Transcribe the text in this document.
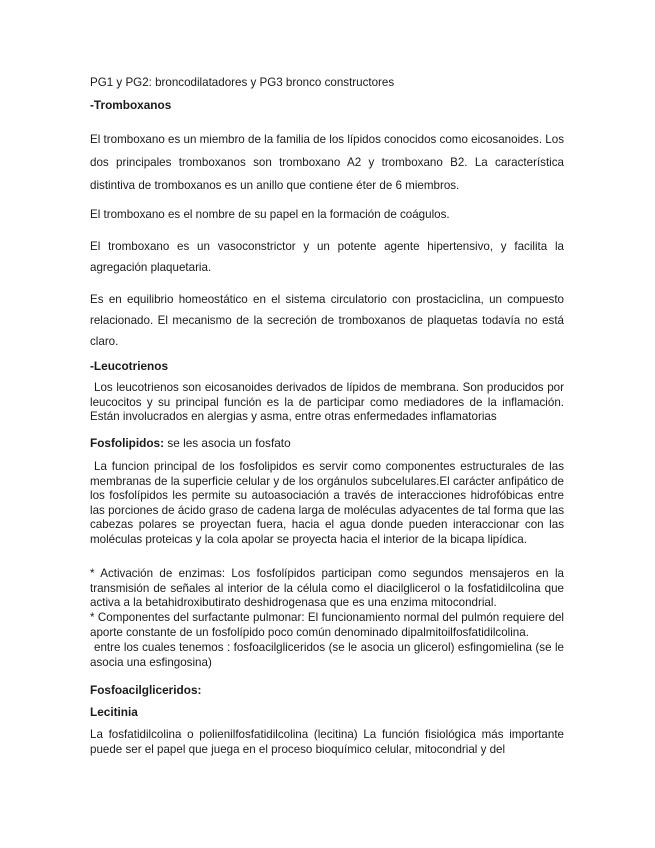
PG1 y PG2: broncodilatadores y PG3 bronco constructores

-Tromboxanos

El tromboxano es un miembro de la familia de los lípidos conocidos como eicosanoides. Los dos principales tromboxanos son tromboxano A2 y tromboxano B2. La característica distintiva de tromboxanos es un anillo que contiene éter de 6 miembros.

El tromboxano es el nombre de su papel en la formación de coágulos.

El tromboxano es un vasoconstrictor y un potente agente hipertensivo, y facilita la agregación plaquetaria.

Es en equilibrio homeostático en el sistema circulatorio con prostaciclina, un compuesto relacionado. El mecanismo de la secreción de tromboxanos de plaquetas todavía no está claro.

-Leucotrienos

Los leucotrienos son eicosanoides derivados de lípidos de membrana. Son producidos por leucocitos y su principal función es la de participar como mediadores de la inflamación. Están involucrados en alergias y asma, entre otras enfermedades inflamatorias

Fosfolipidos: se les asocia un fosfato

La funcion principal de los fosfolipidos es servir como componentes estructurales de las membranas de la superficie celular y de los orgánulos subcelulares.El carácter anfipático de los fosfolípidos les permite su autoasociación a través de interacciones hidrofóbicas entre las porciones de ácido graso de cadena larga de moléculas adyacentes de tal forma que las cabezas polares se proyectan fuera, hacia el agua donde pueden interaccionar con las moléculas proteicas y la cola apolar se proyecta hacia el interior de la bicapa lipídica.

* Activación de enzimas: Los fosfolípidos participan como segundos mensajeros en la transmisión de señales al interior de la célula como el diacilglicerol o la fosfatidilcolina que activa a la betahidroxibutirato deshidrogenasa que es una enzima mitocondrial.

* Componentes del surfactante pulmonar: El funcionamiento normal del pulmón requiere del aporte constante de un fosfolípido poco común denominado dipalmitoilfosfatidilcolina.

entre los cuales tenemos : fosfoacilgliceridos (se le asocia un glicerol) esfingomielina (se le asocia una esfingosina)

Fosfoacilgliceridos:
Lecitinia

La fosfatidilcolina o polienilfosfatidilcolina (lecitina) La función fisiológica más importante puede ser el papel que juega en el proceso bioquímico celular, mitocondrial y del
